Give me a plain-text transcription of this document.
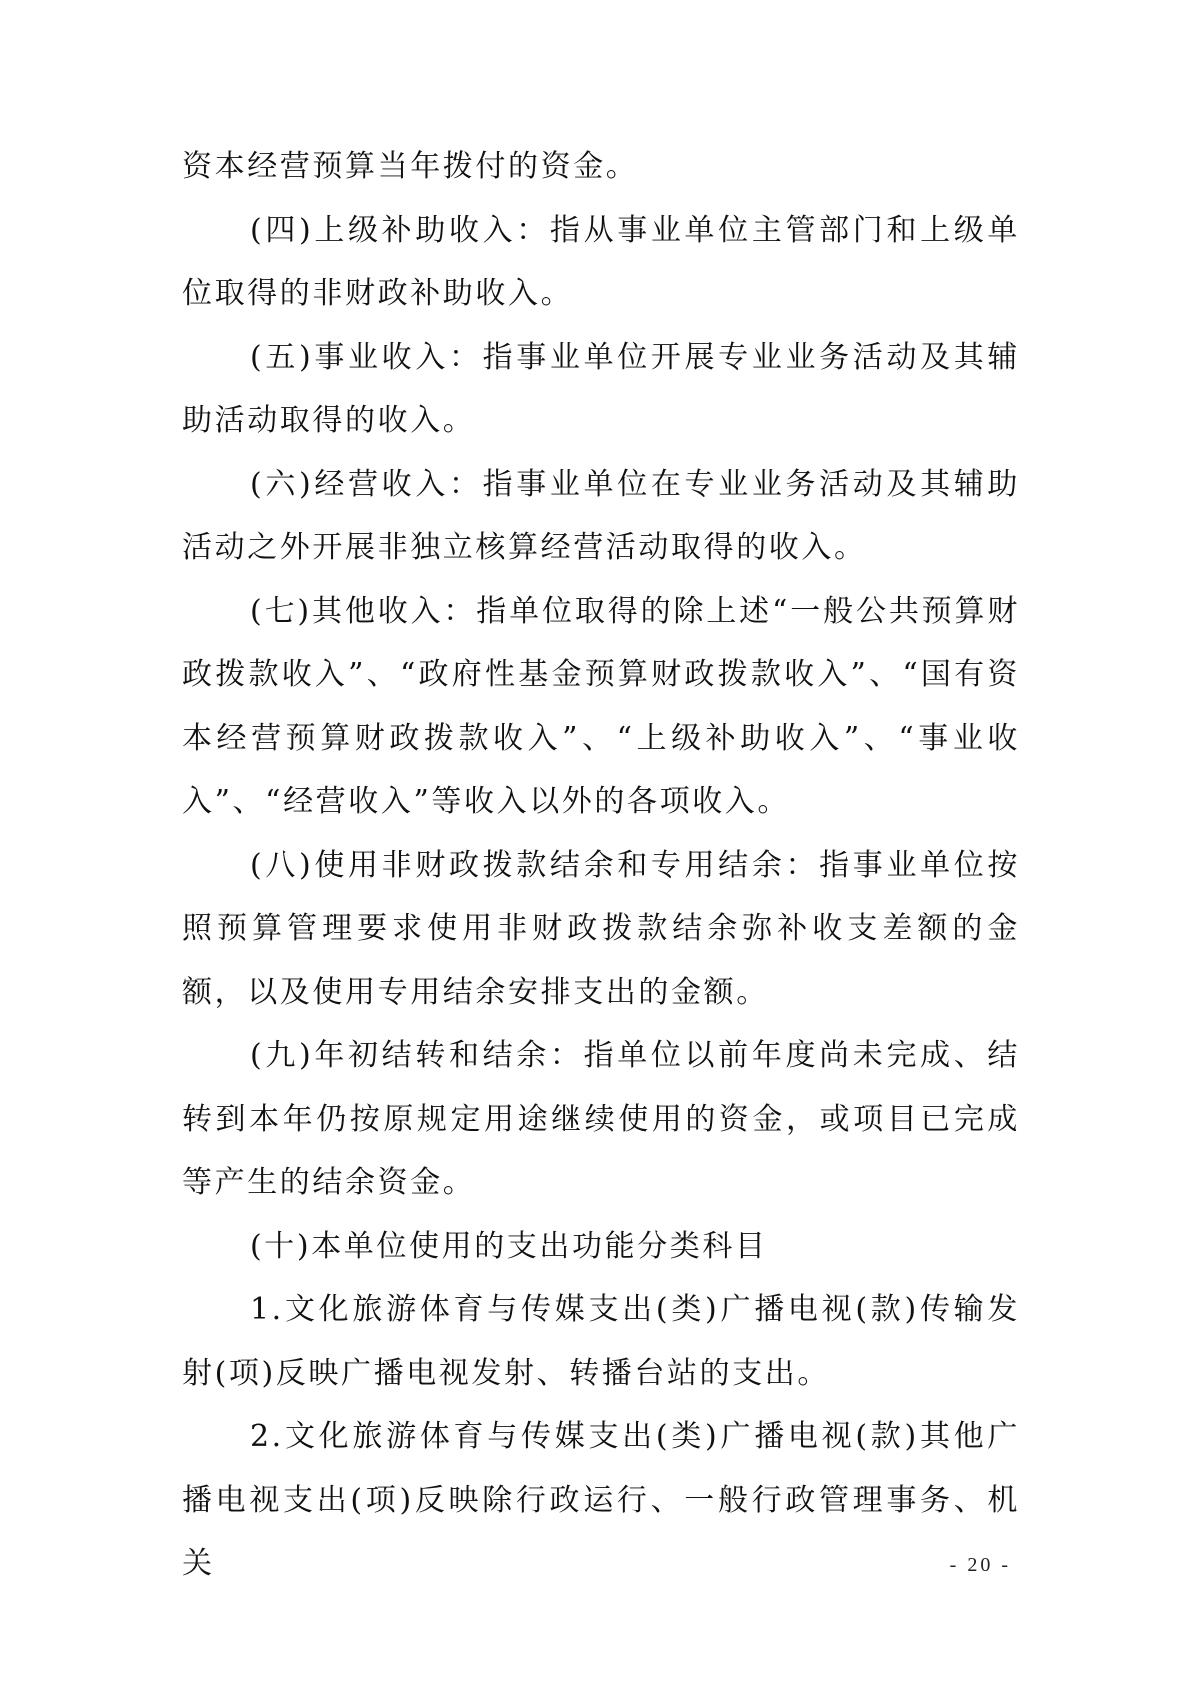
资本经营预算当年拨付的资金。

(四)上级补助收入：指从事业单位主管部门和上级单位取得的非财政补助收入。

(五)事业收入：指事业单位开展专业业务活动及其辅助活动取得的收入。

(六)经营收入：指事业单位在专业业务活动及其辅助活动之外开展非独立核算经营活动取得的收入。

(七)其他收入：指单位取得的除上述“一般公共预算财政拨款收入”、“政府性基金预算财政拨款收入”、“国有资本经营预算财政拨款收入”、“上级补助收入”、“事业收入”、“经营收入”等收入以外的各项收入。

(八)使用非财政拨款结余和专用结余：指事业单位按照预算管理要求使用非财政拨款结余弥补收支差额的金额，以及使用专用结余安排支出的金额。

(九)年初结转和结余：指单位以前年度尚未完成、结转到本年仍按原规定用途继续使用的资金，或项目已完成等产生的结余资金。

(十)本单位使用的支出功能分类科目

1.文化旅游体育与传媒支出(类)广播电视(款)传输发射(项)反映广播电视发射、转播台站的支出。

2.文化旅游体育与传媒支出(类)广播电视(款)其他广播电视支出(项)反映除行政运行、一般行政管理事务、机关	- 20 -
